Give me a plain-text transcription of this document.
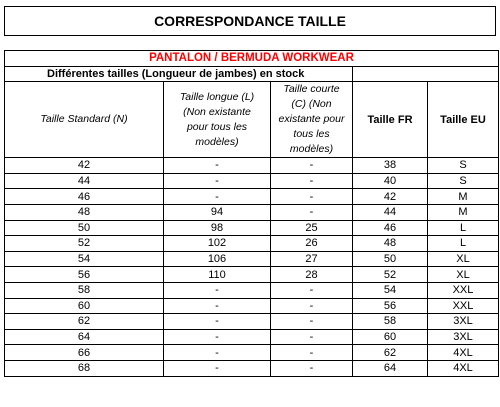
CORRESPONDANCE TAILLE
PANTALON / BERMUDA WORKWEAR				
Différentes tailles (Longueur de jambes) en stock				

Taille Standard (N)	Taille longue (L) (Non existante pour tous les modèles)	Taille courte (C) (Non existante pour tous les modèles)	Taille FR	Taille EU
42	-	-	38	S
44	-	-	40	S
46	-	-	42	M
48	94	-	44	M
50	98	25	46	L
52	102	26	48	L
54	106	27	50	XL
56	110	28	52	XL
58	-	-	54	XXL
60	-	-	56	XXL
62	-	-	58	3XL
64	-	-	60	3XL
66	-	-	62	4XL
68	-	-	64	4XL
